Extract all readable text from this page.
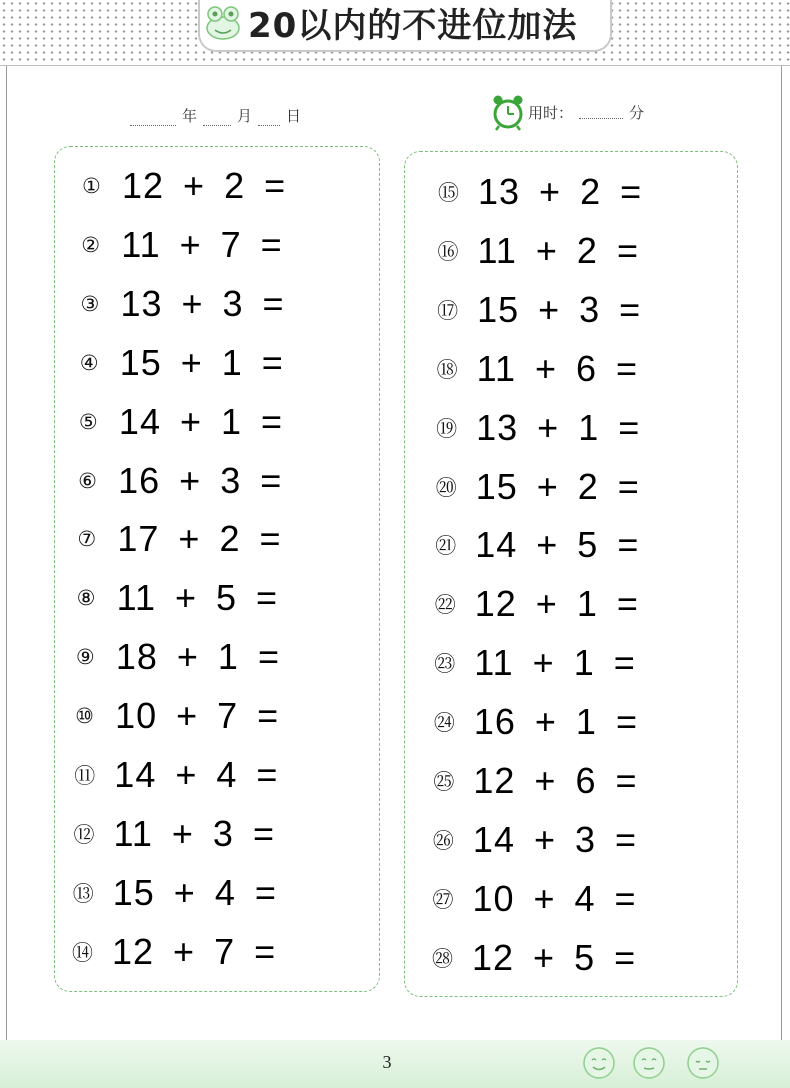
20以内的不进位加法
年	月 日	用时：	分
① 12 + 2 =
② 11 + 7 =
③ 13 + 3 =
④ 15 + 1 =
⑤ 14 + 1 =
⑥ 16 + 3 =
⑦ 17 + 2 =
⑧ 11 + 5 =
⑨ 18 + 1 =
⑩ 10 + 7 =
⑪ 14 + 4 =
⑫ 11 + 3 =
⑬ 15 + 4 =
⑭ 12 + 7 =
⑮ 13 + 2 =
⑯ 11 + 2 =
⑰ 15 + 3 =
⑱ 11 + 6 =
⑲ 13 + 1 =
⑳ 15 + 2 =
㉑ 14 + 5 =
㉒ 12 + 1 =
㉓ 11 + 1 =
㉔ 16 + 1 =
㉕ 12 + 6 =
㉖ 14 + 3 =
㉗ 10 + 4 =
㉘ 12 + 5 =
3
